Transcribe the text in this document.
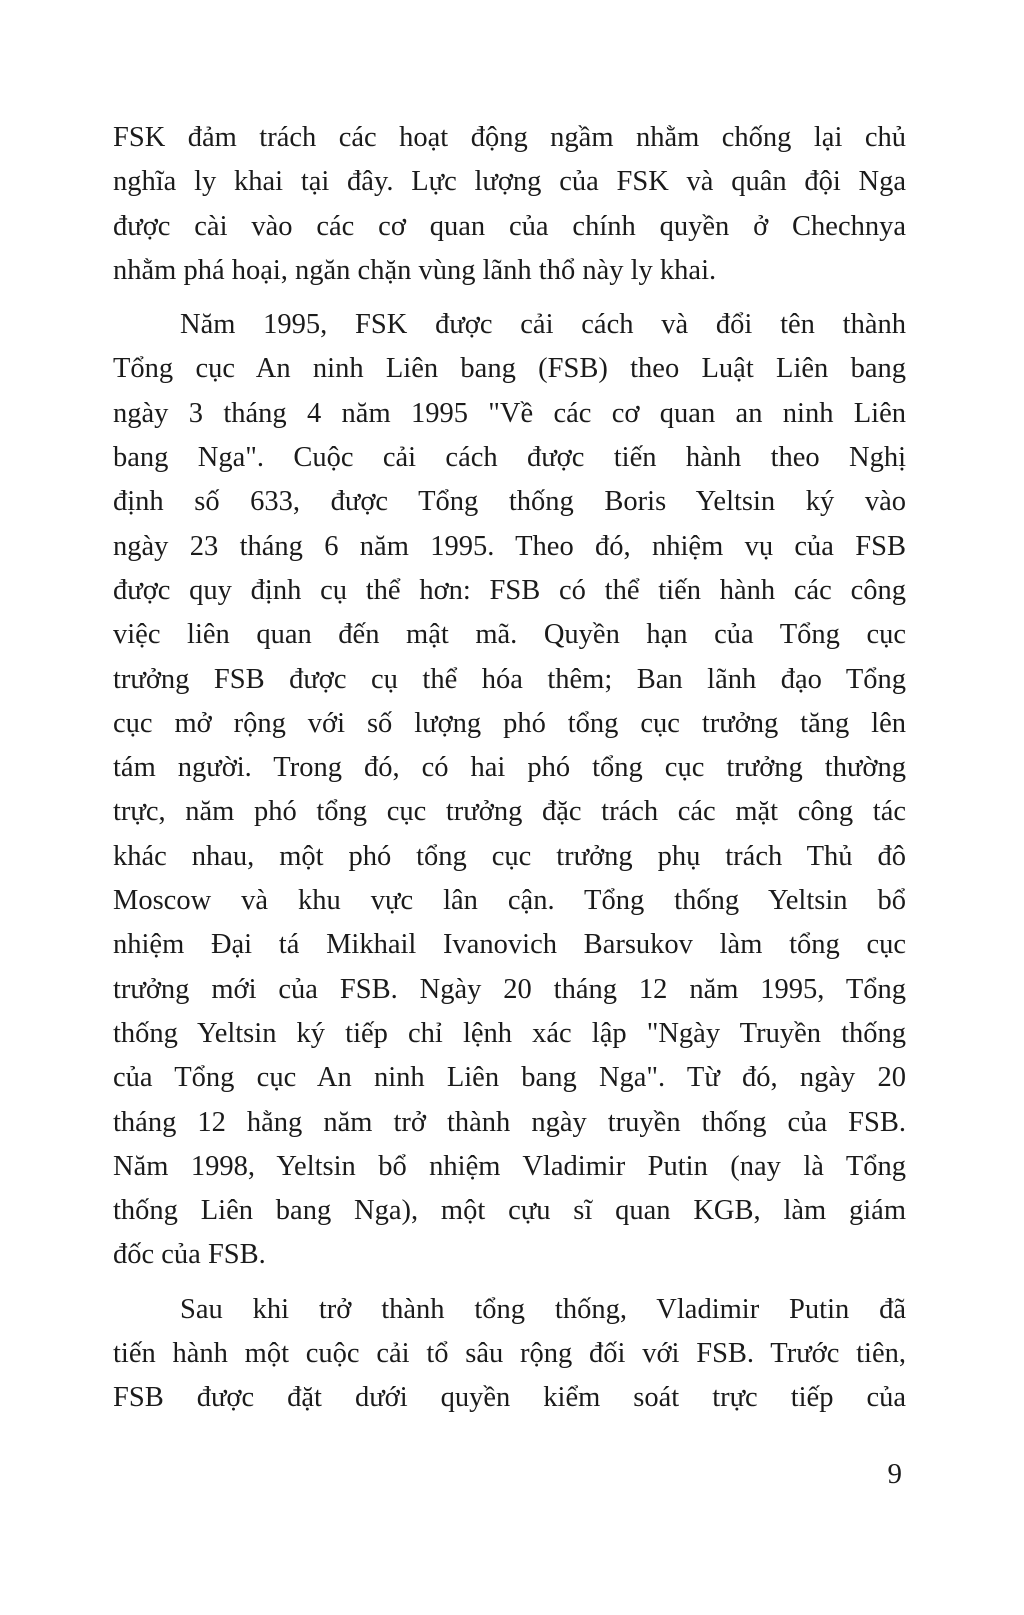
FSK đảm trách các hoạt động ngầm nhằm chống lại chủ
nghĩa ly khai tại đây. Lực lượng của FSK và quân đội Nga
được cài vào các cơ quan của chính quyền ở Chechnya
nhằm phá hoại, ngăn chặn vùng lãnh thổ này ly khai.
Năm 1995, FSK được cải cách và đổi tên thành
Tổng cục An ninh Liên bang (FSB) theo Luật Liên bang
ngày 3 tháng 4 năm 1995 "Về các cơ quan an ninh Liên
bang Nga". Cuộc cải cách được tiến hành theo Nghị
định số 633, được Tổng thống Boris Yeltsin ký vào
ngày 23 tháng 6 năm 1995. Theo đó, nhiệm vụ của FSB
được quy định cụ thể hơn: FSB có thể tiến hành các công
việc liên quan đến mật mã. Quyền hạn của Tổng cục
trưởng FSB được cụ thể hóa thêm; Ban lãnh đạo Tổng
cục mở rộng với số lượng phó tổng cục trưởng tăng lên
tám người. Trong đó, có hai phó tổng cục trưởng thường
trực, năm phó tổng cục trưởng đặc trách các mặt công tác
khác nhau, một phó tổng cục trưởng phụ trách Thủ đô
Moscow và khu vực lân cận. Tổng thống Yeltsin bổ
nhiệm Đại tá Mikhail Ivanovich Barsukov làm tổng cục
trưởng mới của FSB. Ngày 20 tháng 12 năm 1995, Tổng
thống Yeltsin ký tiếp chỉ lệnh xác lập "Ngày Truyền thống
của Tổng cục An ninh Liên bang Nga". Từ đó, ngày 20
tháng 12 hằng năm trở thành ngày truyền thống của FSB.
Năm 1998, Yeltsin bổ nhiệm Vladimir Putin (nay là Tổng
thống Liên bang Nga), một cựu sĩ quan KGB, làm giám
đốc của FSB.
Sau khi trở thành tổng thống, Vladimir Putin đã
tiến hành một cuộc cải tổ sâu rộng đối với FSB. Trước tiên,
FSB được đặt dưới quyền kiểm soát trực tiếp của
9
